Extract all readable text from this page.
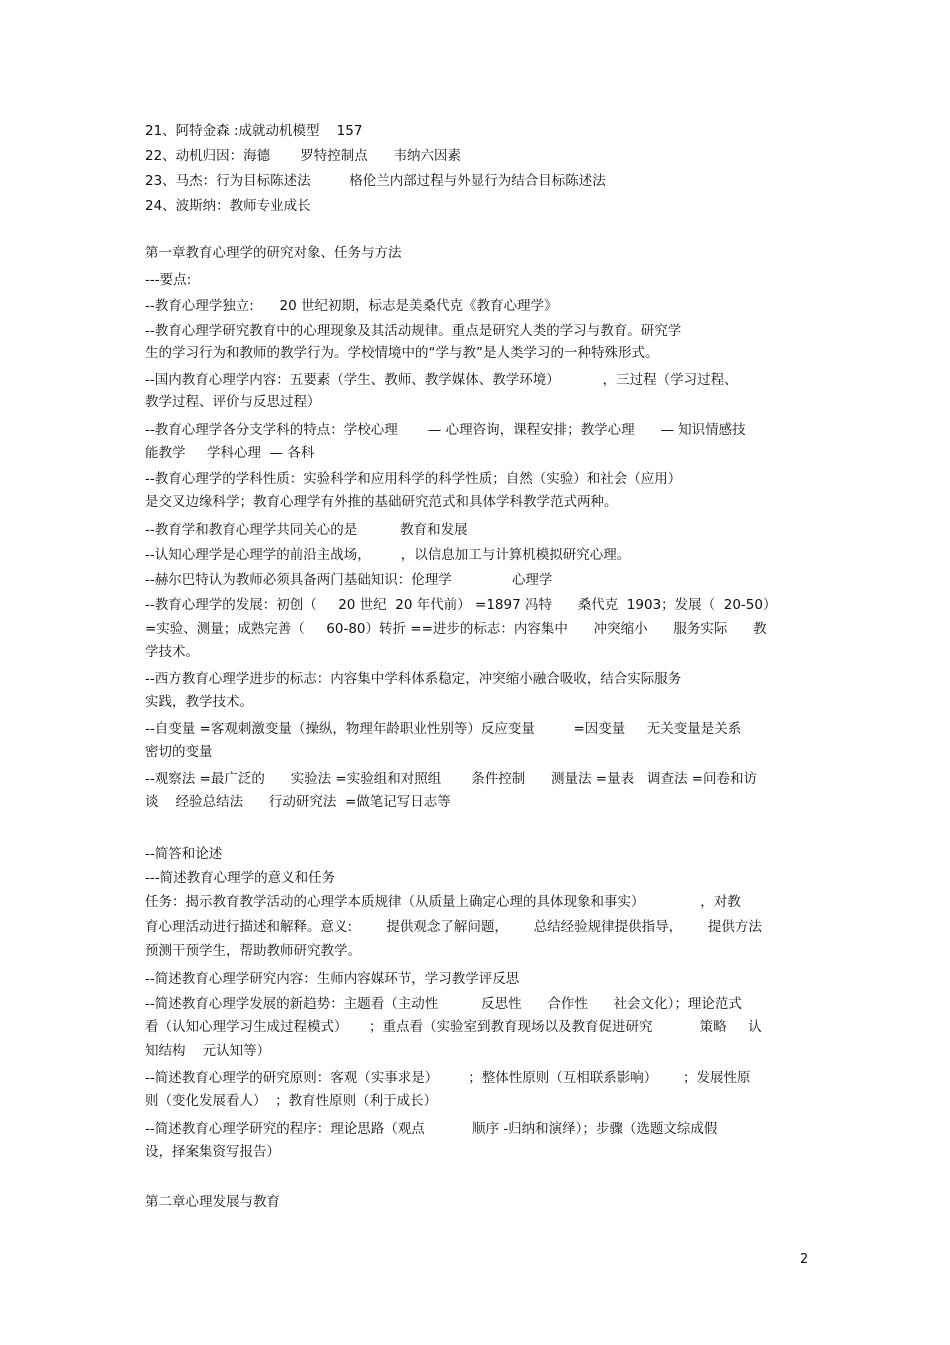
21、阿特金森 :成就动机模型    157
22、动机归因：海德       罗特控制点      韦纳六因素
23、马杰：行为目标陈述法         格伦兰内部过程与外显行为结合目标陈述法
24、波斯纳：教师专业成长
第一章教育心理学的研究对象、任务与方法
---要点:
--教育心理学独立:      20 世纪初期，标志是美桑代克《教育心理学》
--教育心理学研究教育中的心理现象及其活动规律。重点是研究人类的学习与教育。研究学
生的学习行为和教师的教学行为。学校情境中的“学与教”是人类学习的一种特殊形式。
--国内教育心理学内容：五要素（学生、教师、教学媒体、教学环境）          ，三过程（学习过程、
教学过程、评价与反思过程）
--教育心理学各分支学科的特点：学校心理       — 心理咨询，课程安排；教学心理      — 知识情感技
能教学     学科心理  — 各科
--教育心理学的学科性质：实验科学和应用科学的科学性质；自然（实验）和社会（应用）
是交叉边缘科学；教育心理学有外推的基础研究范式和具体学科教学范式两种。
--教育学和教育心理学共同关心的是          教育和发展
--认知心理学是心理学的前沿主战场，       ，以信息加工与计算机模拟研究心理。
--赫尔巴特认为教师必须具备两门基础知识：伦理学              心理学
--教育心理学的发展：初创（     20 世纪  20 年代前） =1897 冯特      桑代克  1903；发展（  20-50）
=实验、测量；成熟完善（     60-80）转折 ==进步的标志：内容集中      冲突缩小      服务实际      教
学技术。
--西方教育心理学进步的标志：内容集中学科体系稳定，冲突缩小融合吸收，结合实际服务
实践，教学技术。
--自变量 =客观刺激变量（操纵，物理年龄职业性别等）反应变量         =因变量     无关变量是关系
密切的变量
--观察法 =最广泛的      实验法 =实验组和对照组       条件控制      测量法 =量表   调查法 =问卷和访
谈    经验总结法      行动研究法  =做笔记写日志等
--简答和论述
---简述教育心理学的意义和任务
任务：揭示教育教学活动的心理学本质规律（从质量上确定心理的具体现象和事实）             ，对教
育心理活动进行描述和解释。意义:        提供观念了解问题，      总结经验规律提供指导，      提供方法
预测干预学生，帮助教师研究教学。
--简述教育心理学研究内容：生师内容媒环节，学习教学评反思
--简述教育心理学发展的新趋势：主题看（主动性          反思性      合作性      社会文化）；理论范式
看（认知心理学习生成过程模式）     ；重点看（实验室到教育现场以及教育促进研究           策略     认
知结构    元认知等）
--简述教育心理学的研究原则：客观（实事求是）       ；整体性原则（互相联系影响）      ；发展性原
则（变化发展看人）  ；教育性原则（利于成长）
--简述教育心理学研究的程序：理论思路（观点           顺序 -归纳和演绎）；步骤（选题文综成假
设，择案集资写报告）
第二章心理发展与教育
2
